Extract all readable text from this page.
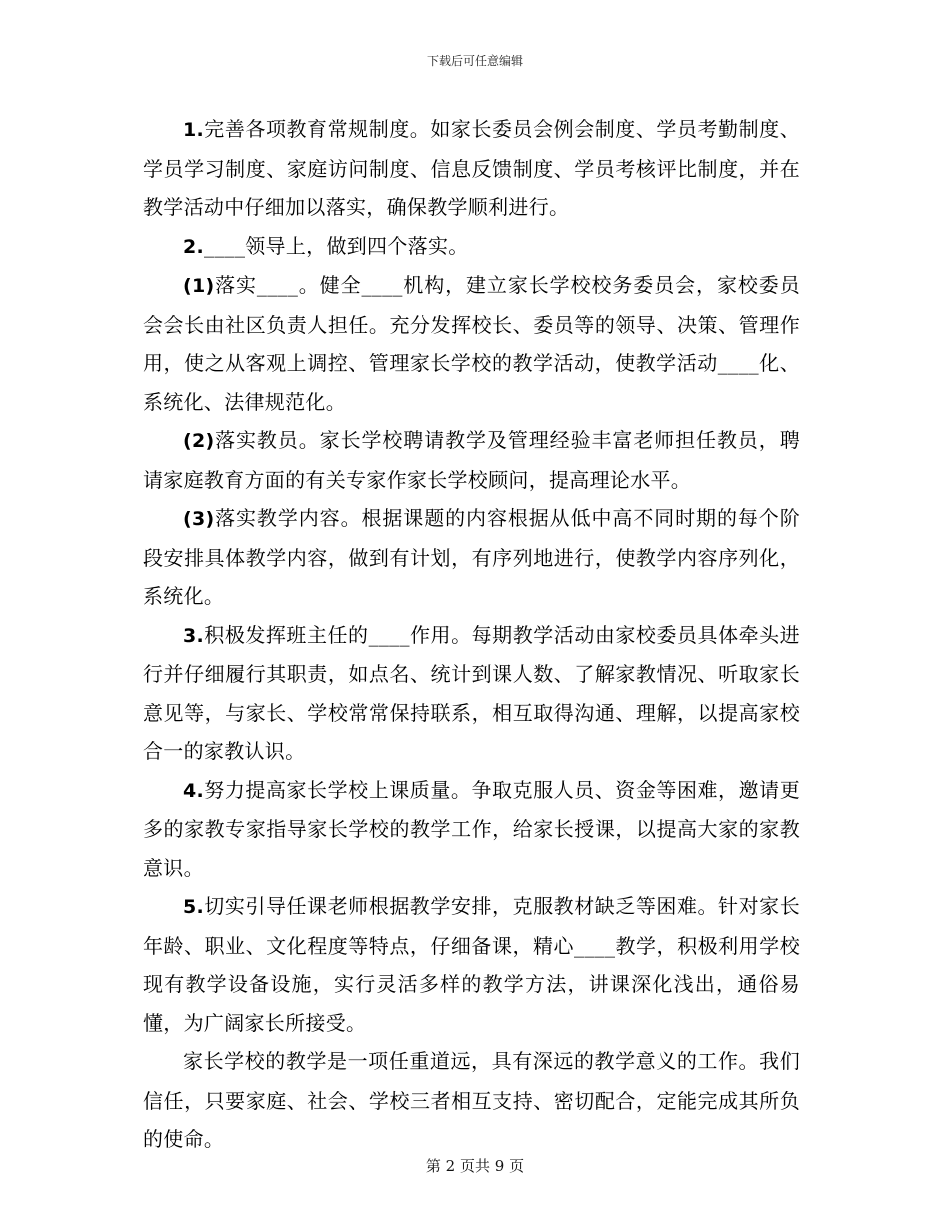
下载后可任意编辑

1.完善各项教育常规制度。如家长委员会例会制度、学员考勤制度、学员学习制度、家庭访问制度、信息反馈制度、学员考核评比制度，并在教学活动中仔细加以落实，确保教学顺利进行。

2.____领导上，做到四个落实。

(1)落实____。健全____机构，建立家长学校校务委员会，家校委员会会长由社区负责人担任。充分发挥校长、委员等的领导、决策、管理作用，使之从客观上调控、管理家长学校的教学活动，使教学活动____化、系统化、法律规范化。

(2)落实教员。家长学校聘请教学及管理经验丰富老师担任教员，聘请家庭教育方面的有关专家作家长学校顾问，提高理论水平。

(3)落实教学内容。根据课题的内容根据从低中高不同时期的每个阶段安排具体教学内容，做到有计划，有序列地进行，使教学内容序列化，系统化。

3.积极发挥班主任的____作用。每期教学活动由家校委员具体牵头进行并仔细履行其职责，如点名、统计到课人数、了解家教情况、听取家长意见等，与家长、学校常常保持联系，相互取得沟通、理解，以提高家校合一的家教认识。

4.努力提高家长学校上课质量。争取克服人员、资金等困难，邀请更多的家教专家指导家长学校的教学工作，给家长授课，以提高大家的家教意识。

5.切实引导任课老师根据教学安排，克服教材缺乏等困难。针对家长年龄、职业、文化程度等特点，仔细备课，精心____教学，积极利用学校现有教学设备设施，实行灵活多样的教学方法，讲课深化浅出，通俗易懂，为广阔家长所接受。

家长学校的教学是一项任重道远，具有深远的教学意义的工作。我们信任，只要家庭、社会、学校三者相互支持、密切配合，定能完成其所负的使命。

第 2 页共 9 页
